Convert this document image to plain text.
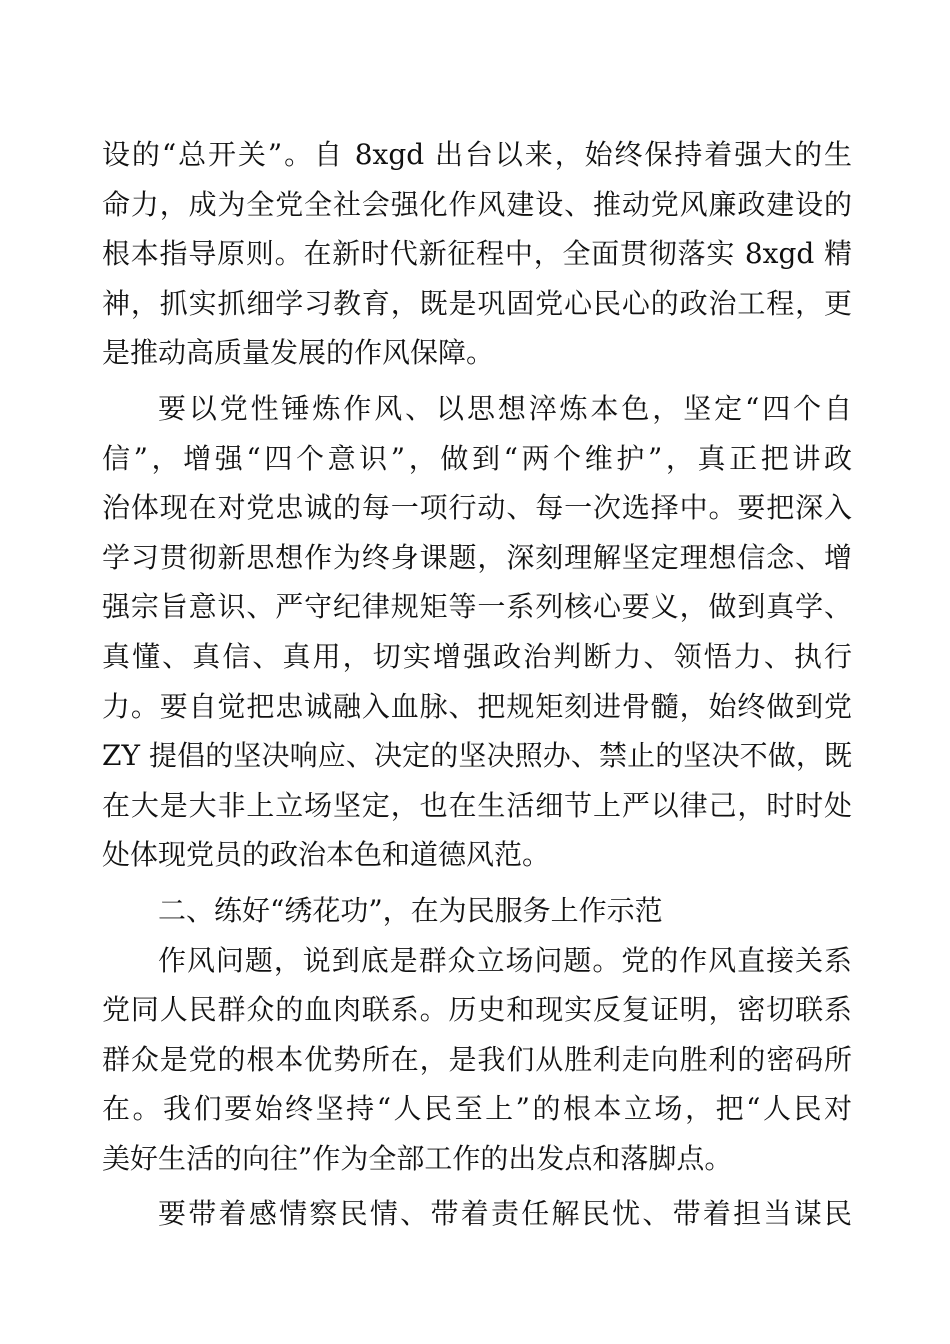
设的“总开关”。自 8xgd 出台以来，始终保持着强大的生
命力，成为全党全社会强化作风建设、推动党风廉政建设的
根本指导原则。在新时代新征程中，全面贯彻落实 8xgd 精
神，抓实抓细学习教育，既是巩固党心民心的政治工程，更
是推动高质量发展的作风保障。
要以党性锤炼作风、以思想淬炼本色，坚定“四个自
信”，增强“四个意识”，做到“两个维护”，真正把讲政
治体现在对党忠诚的每一项行动、每一次选择中。要把深入
学习贯彻新思想作为终身课题，深刻理解坚定理想信念、增
强宗旨意识、严守纪律规矩等一系列核心要义，做到真学、
真懂、真信、真用，切实增强政治判断力、领悟力、执行
力。要自觉把忠诚融入血脉、把规矩刻进骨髓，始终做到党
ZY 提倡的坚决响应、决定的坚决照办、禁止的坚决不做，既
在大是大非上立场坚定，也在生活细节上严以律己，时时处
处体现党员的政治本色和道德风范。
二、练好“绣花功”，在为民服务上作示范
作风问题，说到底是群众立场问题。党的作风直接关系
党同人民群众的血肉联系。历史和现实反复证明，密切联系
群众是党的根本优势所在，是我们从胜利走向胜利的密码所
在。我们要始终坚持“人民至上”的根本立场，把“人民对
美好生活的向往”作为全部工作的出发点和落脚点。
要带着感情察民情、带着责任解民忧、带着担当谋民
